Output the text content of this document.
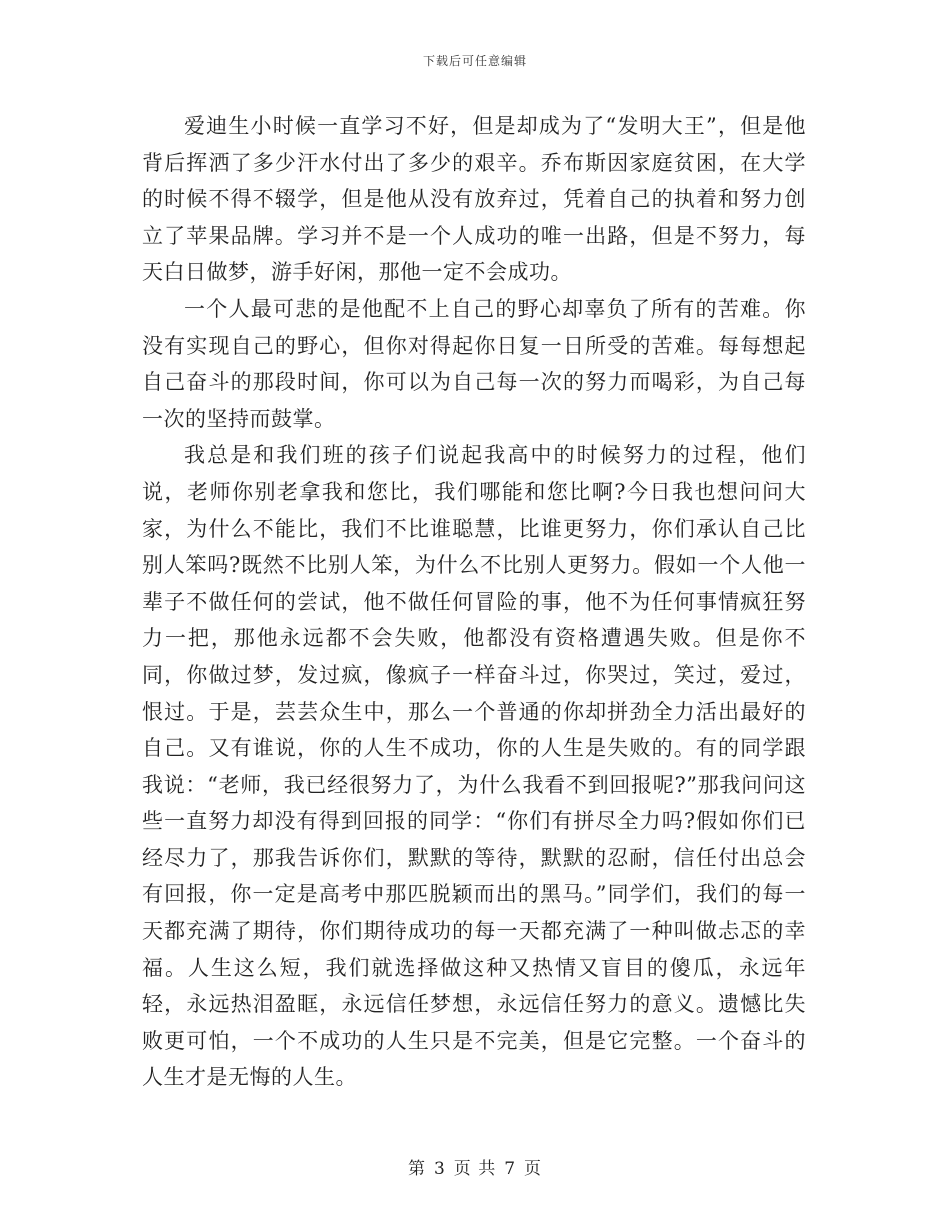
下载后可任意编辑

爱迪生小时候一直学习不好，但是却成为了“发明大王”，但是他背后挥洒了多少汗水付出了多少的艰辛。乔布斯因家庭贫困，在大学的时候不得不辍学，但是他从没有放弃过，凭着自己的执着和努力创立了苹果品牌。学习并不是一个人成功的唯一出路，但是不努力，每天白日做梦，游手好闲，那他一定不会成功。

一个人最可悲的是他配不上自己的野心却辜负了所有的苦难。你没有实现自己的野心，但你对得起你日复一日所受的苦难。每每想起自己奋斗的那段时间，你可以为自己每一次的努力而喝彩，为自己每一次的坚持而鼓掌。

我总是和我们班的孩子们说起我高中的时候努力的过程，他们说，老师你别老拿我和您比，我们哪能和您比啊?今日我也想问问大家，为什么不能比，我们不比谁聪慧，比谁更努力，你们承认自己比别人笨吗?既然不比别人笨，为什么不比别人更努力。假如一个人他一辈子不做任何的尝试，他不做任何冒险的事，他不为任何事情疯狂努力一把，那他永远都不会失败，他都没有资格遭遇失败。但是你不同，你做过梦，发过疯，像疯子一样奋斗过，你哭过，笑过，爱过，恨过。于是，芸芸众生中，那么一个普通的你却拼劲全力活出最好的自己。又有谁说，你的人生不成功，你的人生是失败的。有的同学跟我说：“老师，我已经很努力了，为什么我看不到回报呢?”那我问问这些一直努力却没有得到回报的同学：“你们有拼尽全力吗?假如你们已经尽力了，那我告诉你们，默默的等待，默默的忍耐，信任付出总会有回报，你一定是高考中那匹脱颖而出的黑马。”同学们，我们的每一天都充满了期待，你们期待成功的每一天都充满了一种叫做忐忑的幸福。人生这么短，我们就选择做这种又热情又盲目的傻瓜，永远年轻，永远热泪盈眶，永远信任梦想，永远信任努力的意义。遗憾比失败更可怕，一个不成功的人生只是不完美，但是它完整。一个奋斗的人生才是无悔的人生。

第 3 页 共 7 页
